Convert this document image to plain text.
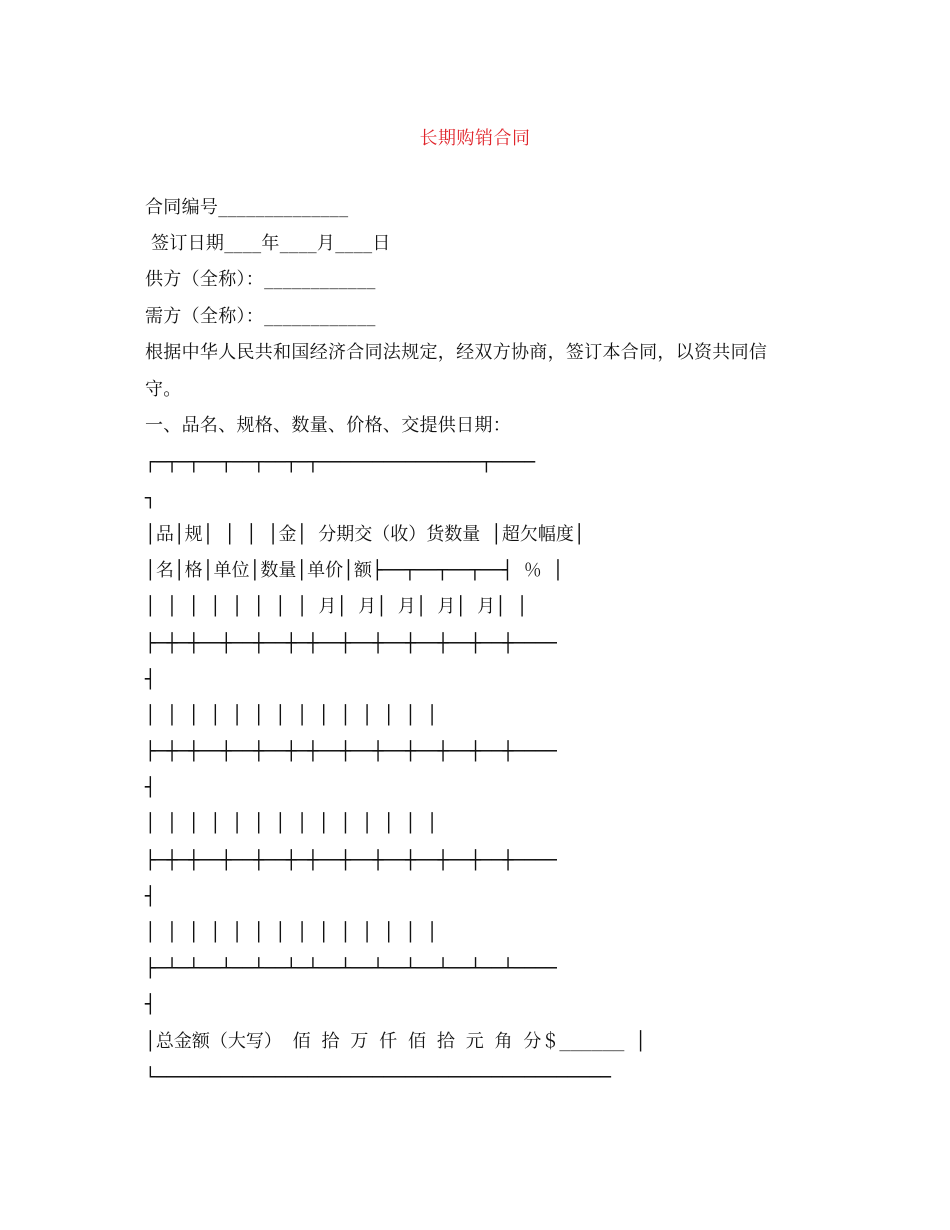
长期购销合同
合同编号______________
签订日期____年____月____日
供方（全称）：____________
需方（全称）：____________
根据中华人民共和国经济合同法规定，经双方协商，签订本合同，以资共同信
守。
一、品名、规格、数量、价格、交提供日期：
┌─┬─┬──┬──┬──┬─┬───────────────┬────
┐
│品│规│ │ │ │金│ 分期交（收）货数量 │超欠幅度│
│名│格│单位│数量│单价│额├──┬──┬──┬──┤ ％ │
│ │ │ │ │ │ │ │ 月│ 月│ 月│ 月│ 月│ │
├─┼─┼──┼──┼──┼─┼──┼──┼──┼──┼──┼──┼────
┤
│ │ │ │ │ │ │ │ │ │ │ │ │ │
├─┼─┼──┼──┼──┼─┼──┼──┼──┼──┼──┼──┼────
┤
│ │ │ │ │ │ │ │ │ │ │ │ │ │
├─┼─┼──┼──┼──┼─┼──┼──┼──┼──┼──┼──┼────
┤
│ │ │ │ │ │ │ │ │ │ │ │ │ │
├─┴─┴──┴──┴──┴─┴──┴──┴──┴──┴──┴──┴────
┤
│总金额（大写） 佰 拾 万 仟 佰 拾 元 角 分＄______ │
└──────────────────────────────────────────
